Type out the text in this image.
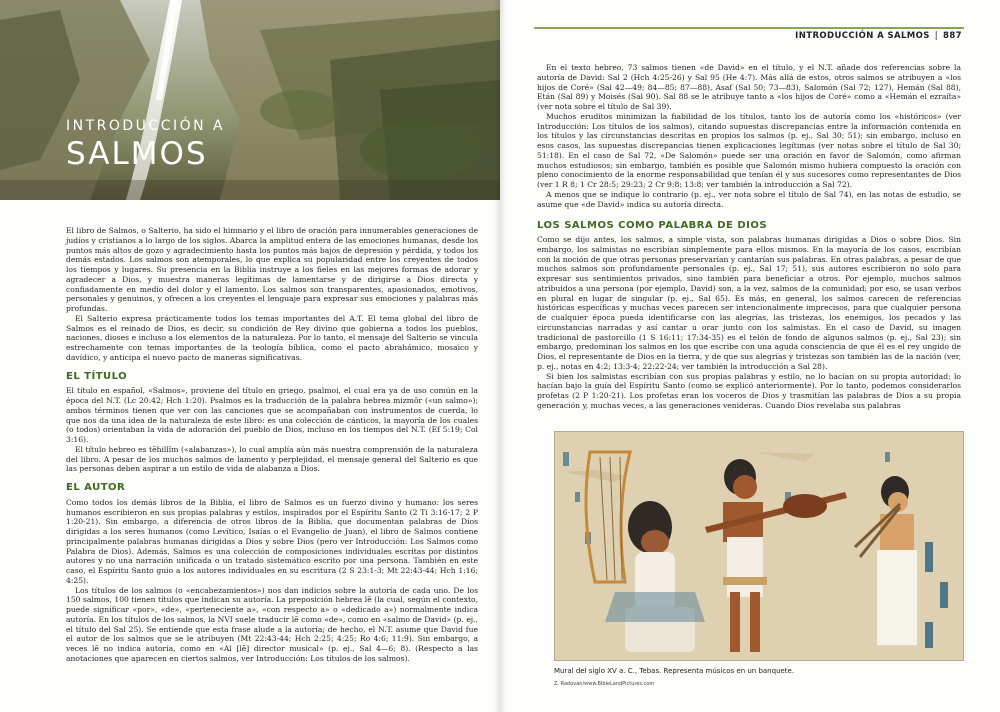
INTRODUCCIÓN A
SALMOS

El libro de Salmos, o Salterio, ha sido el himnario y el libro de oración para innumerables generaciones de judíos y cristianos a lo largo de los siglos. Abarca la amplitud entera de las emociones humanas, desde los puntos más altos de gozo y agradecimiento hasta los puntos más bajos de depresión y pérdida, y todos los demás estados. Los salmos son atemporales, lo que explica su popularidad entre los creyentes de todos los tiempos y lugares. Su presencia en la Biblia instruye a los fieles en las mejores formas de adorar y agradecer a Dios, y muestra maneras legítimas de lamentarse y de dirigirse a Dios directa y confiadamente en medio del dolor y el lamento. Los salmos son transparentes, apasionados, emotivos, personales y genuinos, y ofrecen a los creyentes el lenguaje para expresar sus emociones y palabras más profundas.

El Salterio expresa prácticamente todos los temas importantes del A.T. El tema global del libro de Salmos es el reinado de Dios, es decir, su condición de Rey divino que gobierna a todos los pueblos, naciones, dioses e incluso a los elementos de la naturaleza. Por lo tanto, el mensaje del Salterio se vincula estrechamente con temas importantes de la teología bíblica, como el pacto abrahámico, mosaico y davídico, y anticipa el nuevo pacto de maneras significativas.

EL TÍTULO

El título en español, «Salmos», proviene del título en griego, psalmoi, el cual era ya de uso común en la época del N.T. (Lc 20:42; Hch 1:20). Psalmos es la traducción de la palabra hebrea mizmōr («un salmo»); ambos términos tienen que ver con las canciones que se acompañaban con instrumentos de cuerda, lo que nos da una idea de la naturaleza de este libro: es una colección de cánticos, la mayoría de los cuales (o todos) orientaban la vida de adoración del pueblo de Dios, incluso en los tiempos del N.T. (Ef 5:19; Col 3:16).

El título hebreo es tĕhillîm («alabanzas»), lo cual amplía aún más nuestra comprensión de la naturaleza del libro. A pesar de los muchos salmos de lamento y perplejidad, el mensaje general del Salterio es que las personas deben aspirar a un estilo de vida de alabanza a Dios.

EL AUTOR

Como todos los demás libros de la Biblia, el libro de Salmos es un fuerzo divino y humano: los seres humanos escribieron en sus propias palabras y estilos, inspirados por el Espíritu Santo (2 Ti 3:16-17; 2 P 1:20-21). Sin embargo, a diferencia de otros libros de la Biblia, que documentan palabras de Dios dirigidas a los seres humanos (como Levítico, Isaías o el Evangelio de Juan), el libro de Salmos contiene principalmente palabras humanas dirigidas a Dios y sobre Dios (pero ver Introducción: Los Salmos como Palabra de Dios). Además, Salmos es una colección de composiciones individuales escritas por distintos autores y no una narración unificada o un tratado sistemático escrito por una persona. También en este caso, el Espíritu Santo guio a los autores individuales en su escritura (2 S 23:1-3; Mt 22:43-44; Hch 1:16; 4:25).

Los títulos de los salmos (o «encabezamientos») nos dan indicios sobre la autoría de cada uno. De los 150 salmos, 100 tienen títulos que indican su autoría. La preposición hebrea lĕ (la cual, según el contexto, puede significar «por», «de», «perteneciente a», «con respecto a» o «dedicado a») normalmente indica autoría. En los títulos de los salmos, la NVI suele traducir lĕ como «de», como en «salmo de David» (p. ej., el título del Sal 25). Se entiende que esta frase alude a la autoría; de hecho, el N.T. asume que David fue el autor de los salmos que se le atribuyen (Mt 22:43-44; Hch 2:25; 4:25; Ro 4:6; 11:9). Sin embargo, a veces lĕ no indica autoría, como en «Al [lĕ] director musical» (p. ej., Sal 4—6; 8). (Respecto a las anotaciones que aparecen en ciertos salmos, ver Introducción: Los títulos de los salmos).

INTRODUCCIÓN A SALMOS | 887

En el texto hebreo, 73 salmos tienen «de David» en el título, y el N.T. añade dos referencias sobre la autoría de David: Sal 2 (Hch 4:25-26) y Sal 95 (He 4:7). Más allá de estos, otros salmos se atribuyen a «los hijos de Coré» (Sal 42—49; 84—85; 87—88), Asaf (Sal 50; 73—83), Salomón (Sal 72; 127), Hemán (Sal 88), Etán (Sal 89) y Moisés (Sal 90). Sal 88 se le atribuye tanto a «los hijos de Coré» como a «Hemán el ezraíta» (ver nota sobre el título de Sal 39).

Muchos eruditos minimizan la fiabilidad de los títulos, tanto los de autoría como los «históricos» (ver Introducción: Los títulos de los salmos), citando supuestas discrepancias entre la información contenida en los títulos y las circunstancias descritas en propios los salmos (p. ej., Sal 30; 51); sin embargo, incluso en esos casos, las supuestas discrepancias tienen explicaciones legítimas (ver notas sobre el título de Sal 30; 51:18). En el caso de Sal 72, «De Salomón» puede ser una oración en favor de Salomón, como afirman muchos estudiosos; sin embargo, también es posible que Salomón mismo hubiera compuesto la oración con pleno conocimiento de la enorme responsabilidad que tenían él y sus sucesores como representantes de Dios (ver 1 R 8; 1 Cr 28:5; 29:23; 2 Cr 9:8; 13:8; ver también la introducción a Sal 72).

A menos que se indique lo contrario (p. ej., ver nota sobre el título de Sal 74), en las notas de estudio, se asume que «de David» indica su autoría directa.

LOS SALMOS COMO PALABRA DE DIOS

Como se dijo antes, los salmos, a simple vista, son palabras humanas dirigidas a Dios o sobre Dios. Sin embargo, los salmistas no escribían simplemente para ellos mismos. En la mayoría de los casos, escribían con la noción de que otras personas preservarían y cantarían sus palabras. En otras palabras, a pesar de que muchos salmos son profundamente personales (p. ej., Sal 17; 51), sus autores escribieron no solo para expresar sus sentimientos privados, sino también para beneficiar a otros. Por ejemplo, muchos salmos atribuidos a una persona (por ejemplo, David) son, a la vez, salmos de la comunidad; por eso, se usan verbos en plural en lugar de singular (p. ej., Sal 65). Es más, en general, los salmos carecen de referencias históricas específicas y muchas veces parecen ser intencionalmente imprecisos, para que cualquier persona de cualquier época pueda identificarse con las alegrías, las tristezas, los enemigos, los pecados y las circunstancias narradas y así cantar u orar junto con los salmistas. En el caso de David, su imagen tradicional de pastorcillo (1 S 16:11; 17:34-35) es el telón de fondo de algunos salmos (p. ej., Sal 23); sin embargo, predominan los salmos en los que escribe con una aguda consciencia de que él es el rey ungido de Dios, el representante de Dios en la tierra, y de que sus alegrías y tristezas son también las de la nación (ver, p. ej., notas en 4:2; 13:3-4; 22:22-24; ver también la introducción a Sal 28).

Si bien los salmistas escribían con sus propias palabras y estilo, no lo hacían on su propia autoridad; lo hacían bajo la guía del Espíritu Santo (como se explicó anteriormente). Por lo tanto, podemos considerarlos profetas (2 P 1:20-21). Los profetas eran los voceros de Dios y trasmitían las palabras de Dios a su propia generación y, muchas veces, a las generaciones venideras. Cuando Dios revelaba sus palabras

Mural del siglo XV a. C., Tebas. Representa músicos en un banquete.
Z. Radovan/www.BibleLandPictures.com
